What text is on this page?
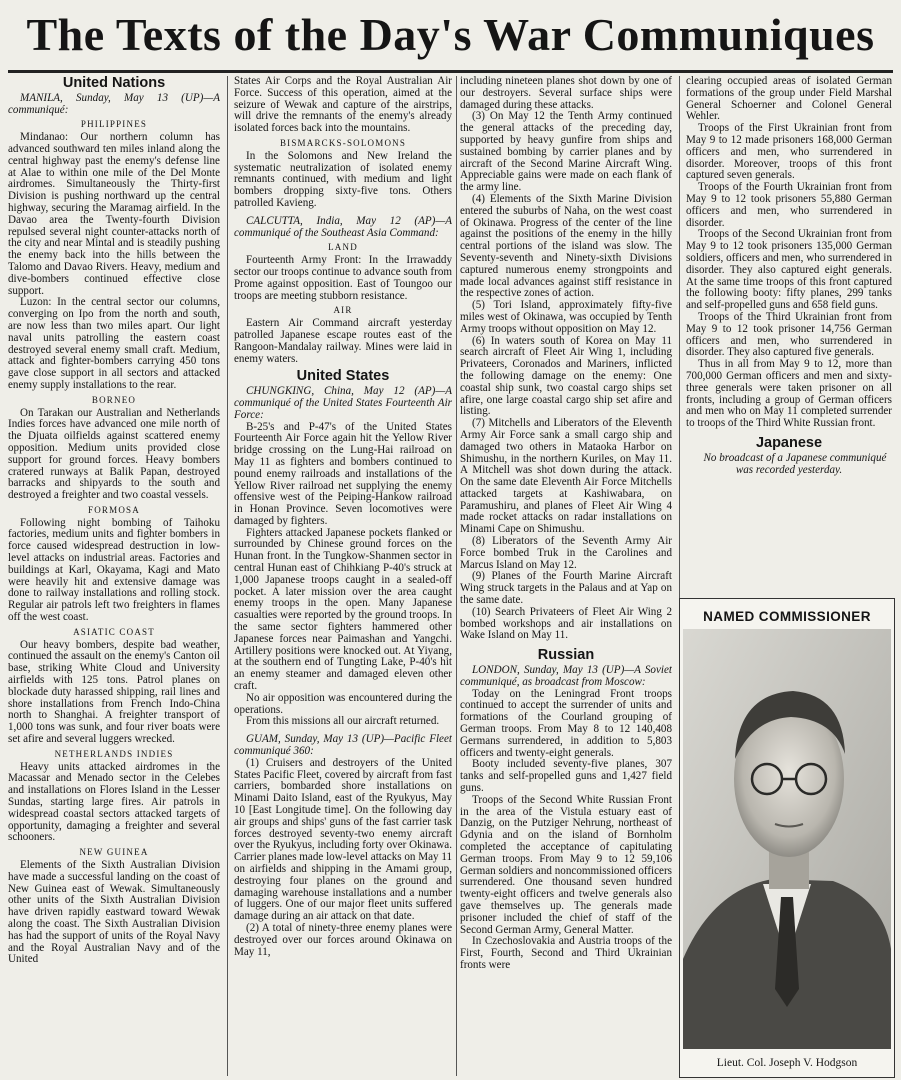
The Texts of the Day's War Communiques
United Nations

MANILA, Sunday, May 13 (UP)—A communiqué:

PHILIPPINES

Mindanao: Our northern column has advanced southward ten miles inland along the central highway past the enemy's defense line at Alae to within one mile of the Del Monte airdromes. Simultaneously the Thirty-first Division is pushing northward up the central highway, securing the Maramag airfield. In the Davao area the Twenty-fourth Division repulsed several night counter-attacks north of the city and near Mintal and is steadily pushing the enemy back into the hills between the Talomo and Davao Rivers. Heavy, medium and dive-bombers continued effective close support.

Luzon: In the central sector our columns, converging on Ipo from the north and south, are now less than two miles apart. Our light naval units patrolling the eastern coast destroyed several enemy small craft. Medium, attack and fighter-bombers carrying 450 tons gave close support in all sectors and attacked enemy supply installations to the rear.

BORNEO

On Tarakan our Australian and Netherlands Indies forces have advanced one mile north of the Djuata oilfields against scattered enemy opposition. Medium units provided close support for ground forces. Heavy bombers cratered runways at Balik Papan, destroyed barracks and shipyards to the south and destroyed a freighter and two coastal vessels.

FORMOSA

Following night bombing of Taihoku factories, medium units and fighter bombers in force caused widespread destruction in low-level attacks on industrial areas. Factories and buildings at Karl, Okayama, Kagi and Mato were heavily hit and extensive damage was done to railway installations and rolling stock. Regular air patrols left two freighters in flames off the west coast.

ASIATIC COAST

Our heavy bombers, despite bad weather, continued the assault on the enemy's Canton oil base, striking White Cloud and University airfields with 125 tons. Patrol planes on blockade duty harassed shipping, rail lines and shore installations from French Indo-China north to Shanghai. A freighter transport of 1,000 tons was sunk, and four river boats were set afire and several luggers wrecked.

NETHERLANDS INDIES

Heavy units attacked airdromes in the Macassar and Menado sector in the Celebes and installations on Flores Island in the Lesser Sundas, starting large fires. Air patrols in widespread coastal sectors attacked targets of opportunity, damaging a freighter and several schooners.

NEW GUINEA

Elements of the Sixth Australian Division have made a successful landing on the coast of New Guinea east of Wewak. Simultaneously other units of the Sixth Australian Division have driven rapidly eastward toward Wewak along the coast. The Sixth Australian Division has had the support of units of the Royal Navy and the Royal Australian Navy and of the United

States Air Corps and the Royal Australian Air Force. Success of this operation, aimed at the seizure of Wewak and capture of the airstrips, will drive the remnants of the enemy's already isolated forces back into the mountains.

BISMARCKS-SOLOMONS

In the Solomons and New Ireland the systematic neutralization of isolated enemy remnants continued, with medium and light bombers dropping sixty-five tons. Others patrolled Kavieng.

CALCUTTA, India, May 12 (AP)—A communiqué of the Southeast Asia Command:

LAND

Fourteenth Army Front: In the Irrawaddy sector our troops continue to advance south from Prome against opposition. East of Toungoo our troops are meeting stubborn resistance.

AIR

Eastern Air Command aircraft yesterday patrolled Japanese escape routes east of the Rangoon-Mandalay railway. Mines were laid in enemy waters.

United States

CHUNGKING, China, May 12 (AP)—A communiqué of the United States Fourteenth Air Force:

B-25's and P-47's of the United States Fourteenth Air Force again hit the Yellow River bridge crossing on the Lung-Hai railroad on May 11 as fighters and bombers continued to pound enemy railroads and installations of the Yellow River railroad net supplying the enemy offensive west of the Peiping-Hankow railroad in Honan Province. Seven locomotives were damaged by fighters.

Fighters attacked Japanese pockets flanked or surrounded by Chinese ground forces on the Hunan front. In the Tungkow-Shanmen sector in central Hunan east of Chihkiang P-40's struck at 1,000 Japanese troops caught in a sealed-off pocket. A later mission over the area caught enemy troops in the open. Many Japanese casualties were reported by the ground troops. In the same sector fighters hammered other Japanese forces near Paimashan and Yangchi. Artillery positions were knocked out. At Yiyang, at the southern end of Tungting Lake, P-40's hit an enemy steamer and damaged eleven other craft.

No air opposition was encountered during the operations.

From this missions all our aircraft returned.

GUAM, Sunday, May 13 (UP)—Pacific Fleet communiqué 360:

(1) Cruisers and destroyers of the United States Pacific Fleet, covered by aircraft from fast carriers, bombarded shore installations on Minami Daito Island, east of the Ryukyus, May 10 [East Longitude time]. On the following day air groups and ships' guns of the fast carrier task forces destroyed seventy-two enemy aircraft over the Ryukyus, including forty over Okinawa. Carrier planes made low-level attacks on May 11 on airfields and shipping in the Amami group, destroying four planes on the ground and damaging warehouse installations and a number of luggers. One of our major fleet units suffered damage during an air attack on that date.

(2) A total of ninety-three enemy planes were destroyed over our forces around Okinawa on May 11,

including nineteen planes shot down by one of our destroyers. Several surface ships were damaged during these attacks.

(3) On May 12 the Tenth Army continued the general attacks of the preceding day, supported by heavy gunfire from ships and sustained bombing by carrier planes and by aircraft of the Second Marine Aircraft Wing. Appreciable gains were made on each flank of the army line.

(4) Elements of the Sixth Marine Division entered the suburbs of Naha, on the west coast of Okinawa. Progress of the center of the line against the positions of the enemy in the hilly central portions of the island was slow. The Seventy-seventh and Ninety-sixth Divisions captured numerous enemy strongpoints and made local advances against stiff resistance in the respective zones of action.

(5) Tori Island, approximately fifty-five miles west of Okinawa, was occupied by Tenth Army troops without opposition on May 12.

(6) In waters south of Korea on May 11 search aircraft of Fleet Air Wing 1, including Privateers, Coronados and Mariners, inflicted the following damage on the enemy: One coastal ship sunk, two coastal cargo ships set afire, one large coastal cargo ship set afire and listing.

(7) Mitchells and Liberators of the Eleventh Army Air Force sank a small cargo ship and damaged two others in Mataoka Harbor on Shimushu, in the northern Kuriles, on May 11. A Mitchell was shot down during the attack. On the same date Eleventh Air Force Mitchells attacked targets at Kashiwabara, on Paramushiru, and planes of Fleet Air Wing 4 made rocket attacks on radar installations on Minami Cape on Shimushu.

(8) Liberators of the Seventh Army Air Force bombed Truk in the Carolines and Marcus Island on May 12.

(9) Planes of the Fourth Marine Aircraft Wing struck targets in the Palaus and at Yap on the same date.

(10) Search Privateers of Fleet Air Wing 2 bombed workshops and air installations on Wake Island on May 11.

Russian

LONDON, Sunday, May 13 (UP)—A Soviet communiqué, as broadcast from Moscow:

Today on the Leningrad Front troops continued to accept the surrender of units and formations of the Courland grouping of German troops. From May 8 to 12 140,408 Germans surrendered, in addition to 5,803 officers and twenty-eight generals.

Booty included seventy-five planes, 307 tanks and self-propelled guns and 1,427 field guns.

Troops of the Second White Russian Front in the area of the Vistula estuary east of Danzig, on the Putziger Nehrung, northeast of Gdynia and on the island of Bornholm completed the acceptance of capitulating German troops. From May 9 to 12 59,106 German soldiers and noncommissioned officers surrendered. One thousand seven hundred twenty-eight officers and twelve generals also gave themselves up. The generals made prisoner included the chief of staff of the Second German Army, General Matter.

In Czechoslovakia and Austria troops of the First, Fourth, Second and Third Ukrainian fronts were

clearing occupied areas of isolated German formations of the group under Field Marshal General Schoerner and Colonel General Wehler.

Troops of the First Ukrainian front from May 9 to 12 made prisoners 168,000 German officers and men, who surrendered in disorder. Moreover, troops of this front captured seven generals.

Troops of the Fourth Ukrainian front from May 9 to 12 took prisoners 55,880 German officers and men, who surrendered in disorder.

Troops of the Second Ukrainian front from May 9 to 12 took prisoners 135,000 German soldiers, officers and men, who surrendered in disorder. They also captured eight generals. At the same time troops of this front captured the following booty: fifty planes, 299 tanks and self-propelled guns and 658 field guns.

Troops of the Third Ukrainian front from May 9 to 12 took prisoner 14,756 German officers and men, who surrendered in disorder. They also captured five generals.

Thus in all from May 9 to 12, more than 700,000 German officers and men and sixty-three generals were taken prisoner on all fronts, including a group of German officers and men who on May 11 completed surrender to troops of the Third White Russian front.

Japanese

No broadcast of a Japanese communiqué was recorded yesterday.

NAMED COMMISSIONER
Lieut. Col. Joseph V. Hodgson
